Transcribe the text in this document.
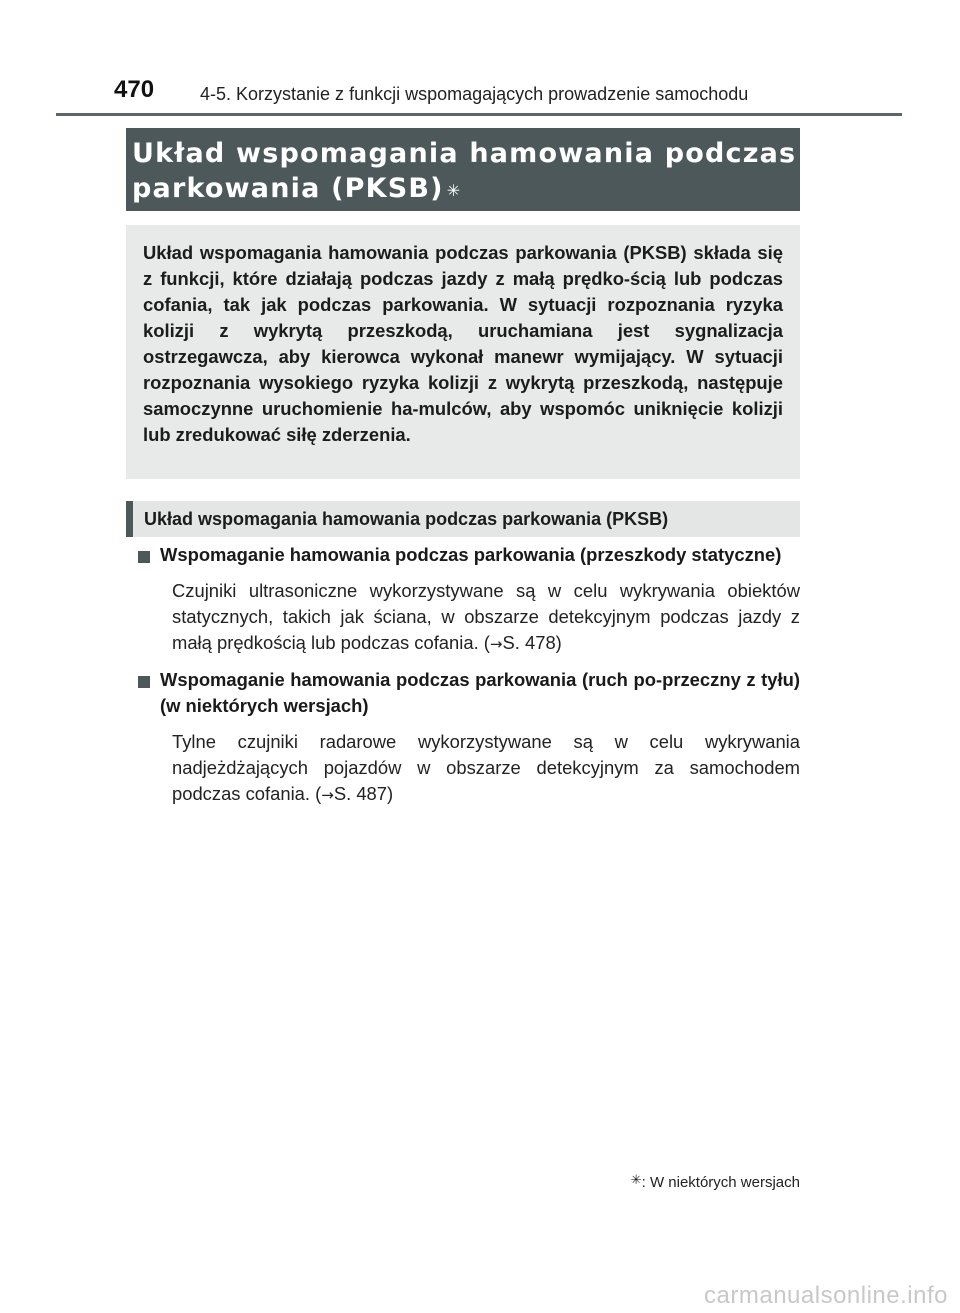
470	4-5. Korzystanie z funkcji wspomagających prowadzenie samochodu
Układ wspomagania hamowania podczas
parkowania (PKSB) ✳

Układ wspomagania hamowania podczas parkowania (PKSB) składa się z funkcji, które działają podczas jazdy z małą prędko-ścią lub podczas cofania, tak jak podczas parkowania. W sytuacji rozpoznania ryzyka kolizji z wykrytą przeszkodą, uruchamiana jest sygnalizacja ostrzegawcza, aby kierowca wykonał manewr wymijający. W sytuacji rozpoznania wysokiego ryzyka kolizji z wykrytą przeszkodą, następuje samoczynne uruchomienie ha-mulców, aby wspomóc uniknięcie kolizji lub zredukować siłę zderzenia.

Układ wspomagania hamowania podczas parkowania (PKSB)
Wspomaganie hamowania podczas parkowania (przeszkody statyczne)

Czujniki ultrasoniczne wykorzystywane są w celu wykrywania obiektów statycznych, takich jak ściana, w obszarze detekcyjnym podczas jazdy z małą prędkością lub podczas cofania. (→S. 478)

Wspomaganie hamowania podczas parkowania (ruch po-przeczny z tyłu) (w niektórych wersjach)

Tylne czujniki radarowe wykorzystywane są w celu wykrywania nadjeżdżających pojazdów w obszarze detekcyjnym za samochodem podczas cofania. (→S. 487)

✳: W niektórych wersjach
carmanualsonline.info
